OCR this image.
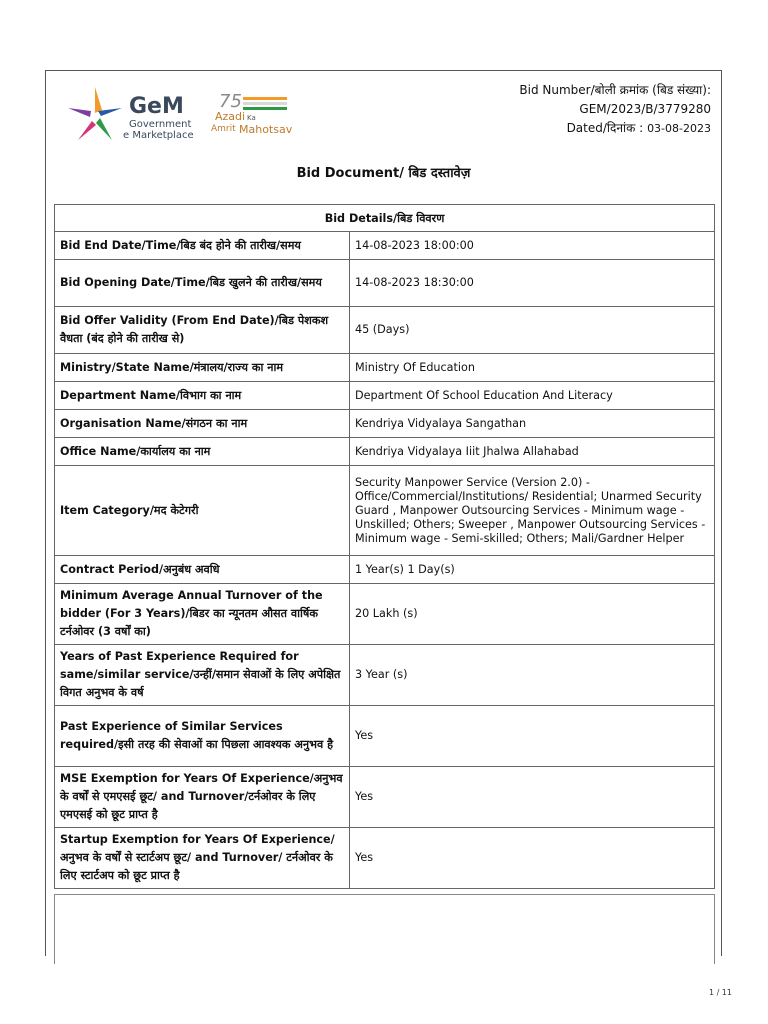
GeM
Government
e Marketplace
75
Azadi Ka
Amrit Mahotsav
Bid Number/बोली क्रमांक (बिड संख्या):
GEM/2023/B/3779280
Dated/दिनांक : 03-08-2023
Bid Document/ बिड दस्तावेज़
Bid Details/बिड विवरण	
Bid End Date/Time/बिड बंद होने की तारीख/समय	14-08-2023 18:00:00
Bid Opening Date/Time/बिड खुलने की तारीख/समय	14-08-2023 18:30:00
Bid Offer Validity (From End Date)/बिड पेशकश वैधता (बंद होने की तारीख से)	45 (Days)
Ministry/State Name/मंत्रालय/राज्य का नाम	Ministry Of Education
Department Name/विभाग का नाम	Department Of School Education And Literacy
Organisation Name/संगठन का नाम	Kendriya Vidyalaya Sangathan
Office Name/कार्यालय का नाम	Kendriya Vidyalaya Iiit Jhalwa Allahabad
Item Category/मद केटेगरी	Security Manpower Service (Version 2.0) - Office/Commercial/Institutions/ Residential; Unarmed Security Guard , Manpower Outsourcing Services - Minimum wage - Unskilled; Others; Sweeper , Manpower Outsourcing Services - Minimum wage - Semi-skilled; Others; Mali/Gardner Helper
Contract Period/अनुबंध अवधि	1 Year(s) 1 Day(s)
Minimum Average Annual Turnover of the bidder (For 3 Years)/बिडर का न्यूनतम औसत वार्षिक टर्नओवर (3 वर्षों का)	20 Lakh (s)
Years of Past Experience Required for same/similar service/उन्हीं/समान सेवाओं के लिए अपेक्षित विगत अनुभव के वर्ष	3 Year (s)
Past Experience of Similar Services required/इसी तरह की सेवाओं का पिछला आवश्यक अनुभव है	Yes
MSE Exemption for Years Of Experience/अनुभव के वर्षों से एमएसई छूट/ and Turnover/टर्नओवर के लिए एमएसई को छूट प्राप्त है	Yes
Startup Exemption for Years Of Experience/अनुभव के वर्षों से स्टार्टअप छूट/ and Turnover/ टर्नओवर के लिए स्टार्टअप को छूट प्राप्त है	Yes
1 / 11
